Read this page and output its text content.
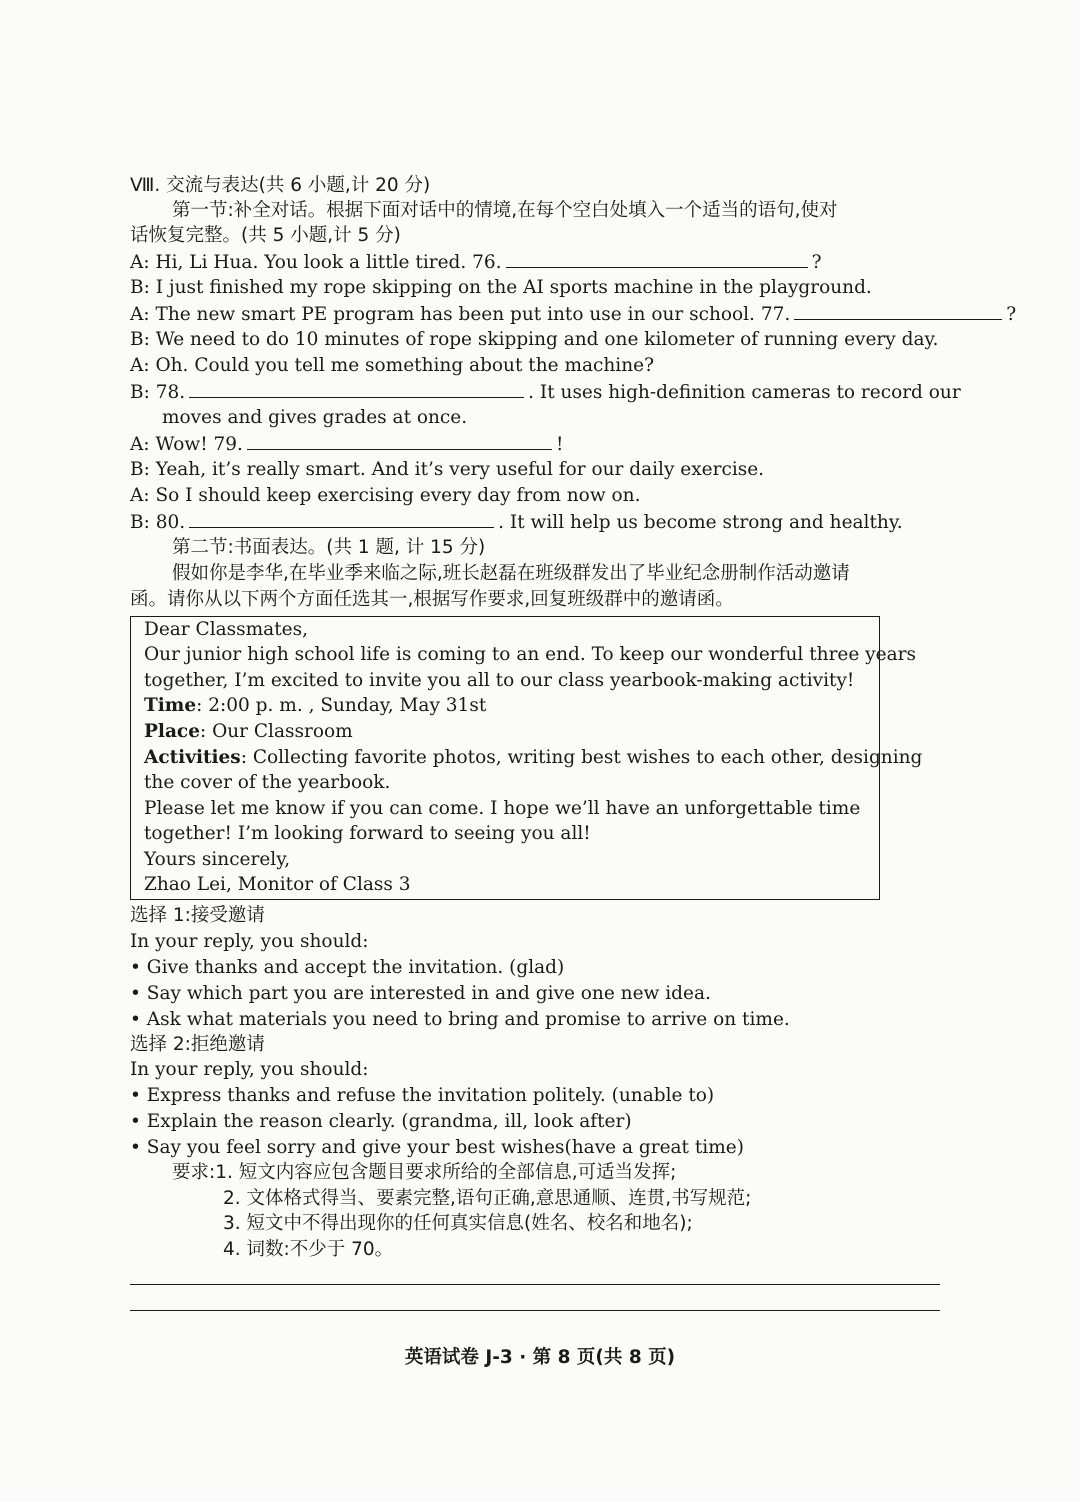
Ⅷ. 交流与表达(共 6 小题,计 20 分)
第一节:补全对话。根据下面对话中的情境,在每个空白处填入一个适当的语句,使对
话恢复完整。(共 5 小题,计 5 分)
A: Hi, Li Hua. You look a little tired. 76.	?
B: I just finished my rope skipping on the AI sports machine in the playground.
A: The new smart PE program has been put into use in our school. 77.	?
B: We need to do 10 minutes of rope skipping and one kilometer of running every day.
A: Oh. Could you tell me something about the machine?
B: 78.	. It uses high-definition cameras to record our
moves and gives grades at once.
A: Wow! 79.	!
B: Yeah, it’s really smart. And it’s very useful for our daily exercise.
A: So I should keep exercising every day from now on.
B: 80.	. It will help us become strong and healthy.
第二节:书面表达。(共 1 题, 计 15 分)
假如你是李华,在毕业季来临之际,班长赵磊在班级群发出了毕业纪念册制作活动邀请
函。请你从以下两个方面任选其一,根据写作要求,回复班级群中的邀请函。
Dear Classmates,
Our junior high school life is coming to an end. To keep our wonderful three years
together, I’m excited to invite you all to our class yearbook-making activity!
Time: 2:00 p. m. , Sunday, May 31st
Place: Our Classroom
Activities: Collecting favorite photos, writing best wishes to each other, designing
the cover of the yearbook.
Please let me know if you can come. I hope we’ll have an unforgettable time
together! I’m looking forward to seeing you all!
Yours sincerely,
Zhao Lei, Monitor of Class 3
选择 1:接受邀请
In your reply, you should:
• Give thanks and accept the invitation. (glad)
• Say which part you are interested in and give one new idea.
• Ask what materials you need to bring and promise to arrive on time.
选择 2:拒绝邀请
In your reply, you should:
• Express thanks and refuse the invitation politely. (unable to)
• Explain the reason clearly. (grandma, ill, look after)
• Say you feel sorry and give your best wishes(have a great time)
要求:1. 短文内容应包含题目要求所给的全部信息,可适当发挥;
2. 文体格式得当、要素完整,语句正确,意思通顺、连贯,书写规范;
3. 短文中不得出现你的任何真实信息(姓名、校名和地名);
4. 词数:不少于 70。
英语试卷 J-3 · 第 8 页(共 8 页)
